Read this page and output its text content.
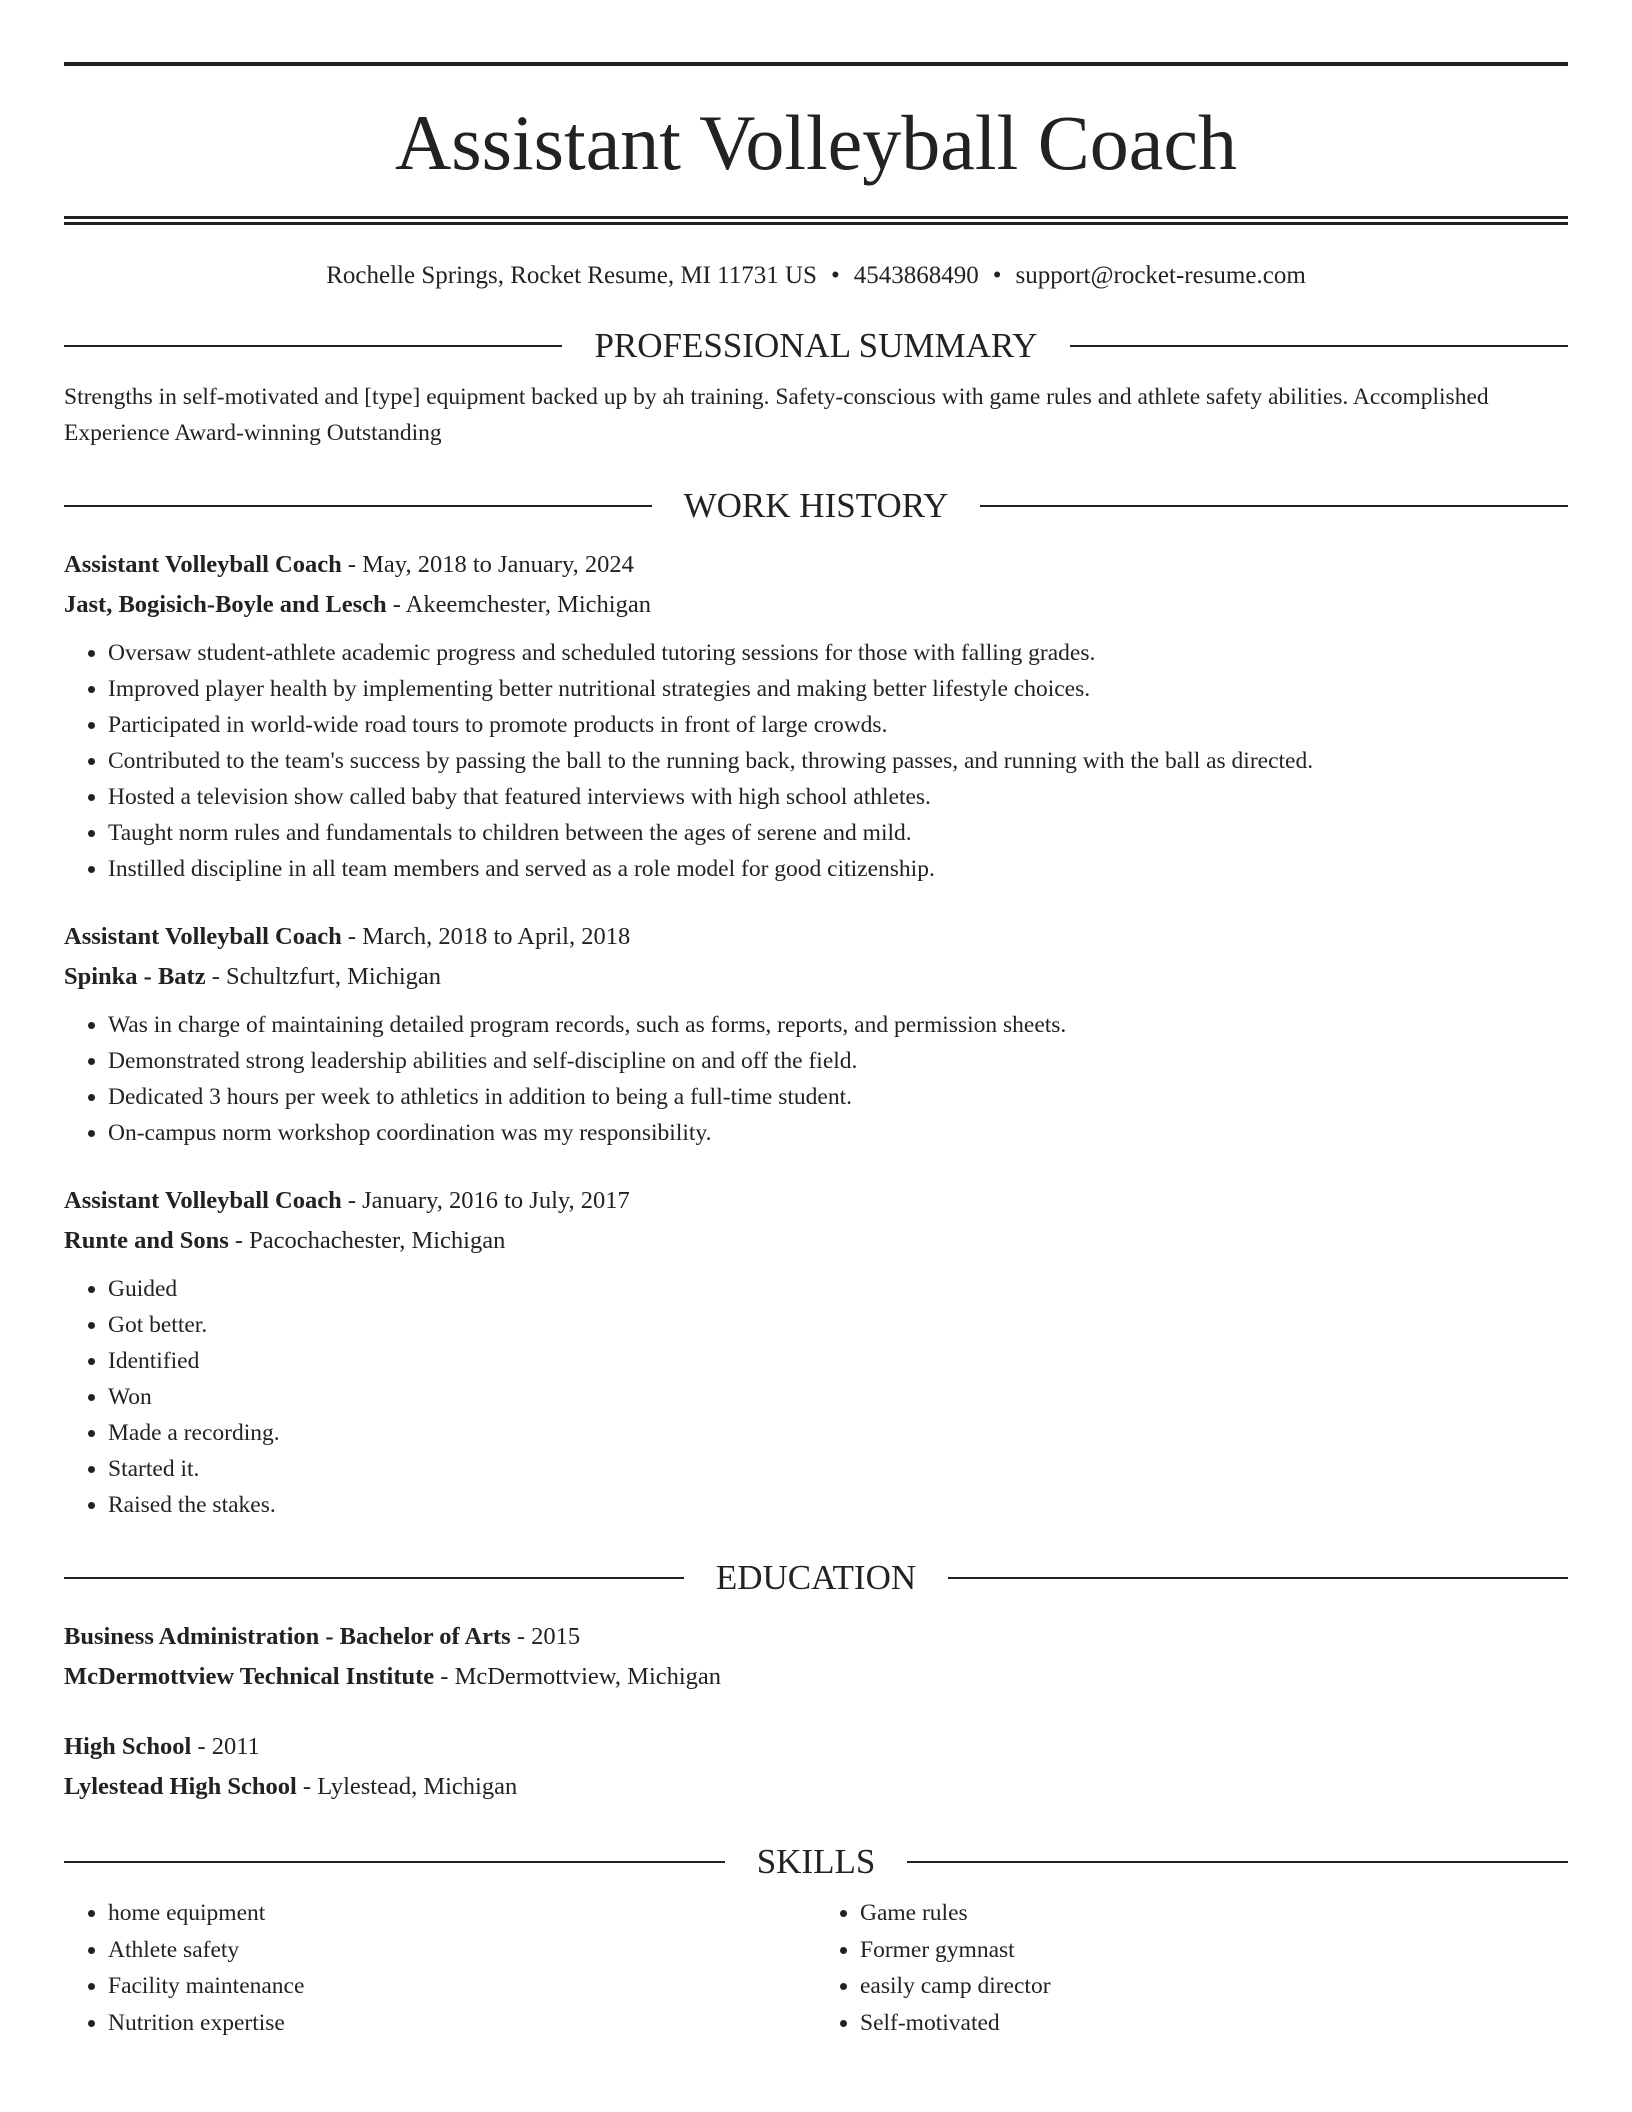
Assistant Volleyball Coach
Rochelle Springs, Rocket Resume, MI 11731 US • 4543868490 • support@rocket-resume.com
PROFESSIONAL SUMMARY

Strengths in self-motivated and [type] equipment backed up by ah training. Safety-conscious with game rules and athlete safety abilities. Accomplished Experience Award-winning Outstanding

WORK HISTORY
Assistant Volleyball Coach - May, 2018 to January, 2024
Jast, Bogisich-Boyle and Lesch - Akeemchester, Michigan
• Oversaw student-athlete academic progress and scheduled tutoring sessions for those with falling grades.
• Improved player health by implementing better nutritional strategies and making better lifestyle choices.
• Participated in world-wide road tours to promote products in front of large crowds.
• Contributed to the team's success by passing the ball to the running back, throwing passes, and running with the ball as directed.
• Hosted a television show called baby that featured interviews with high school athletes.
• Taught norm rules and fundamentals to children between the ages of serene and mild.
• Instilled discipline in all team members and served as a role model for good citizenship.
Assistant Volleyball Coach - March, 2018 to April, 2018
Spinka - Batz - Schultzfurt, Michigan
• Was in charge of maintaining detailed program records, such as forms, reports, and permission sheets.
• Demonstrated strong leadership abilities and self-discipline on and off the field.
• Dedicated 3 hours per week to athletics in addition to being a full-time student.
• On-campus norm workshop coordination was my responsibility.
Assistant Volleyball Coach - January, 2016 to July, 2017
Runte and Sons - Pacochachester, Michigan
• Guided
• Got better.
• Identified
• Won
• Made a recording.
• Started it.
• Raised the stakes.
EDUCATION
Business Administration - Bachelor of Arts - 2015
McDermottview Technical Institute - McDermottview, Michigan
High School - 2011
Lylestead High School - Lylestead, Michigan
SKILLS
• home equipment
• Athlete safety
• Facility maintenance
• Nutrition expertise
• Game rules
• Former gymnast
• easily camp director
• Self-motivated
